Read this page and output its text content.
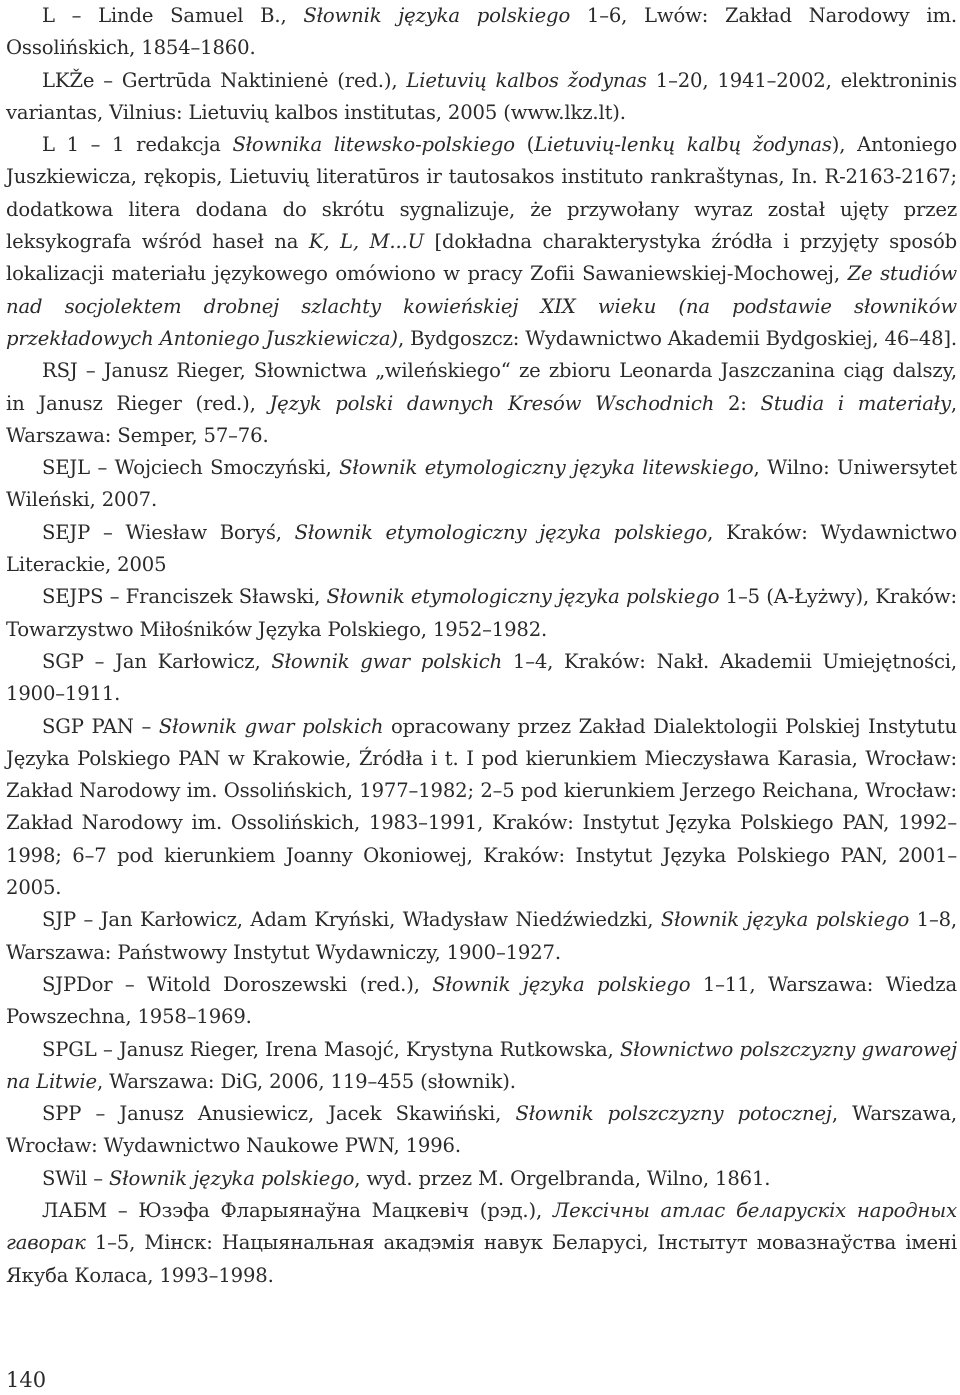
L – Linde Samuel B., Słownik języka polskiego 1–6, Lwów: Zakład Narodowy im. Ossolińskich, 1854–1860.

LKŽe – Gertrūda Naktinienė (red.), Lietuvių kalbos žodynas 1–20, 1941–2002, elektroninis variantas, Vilnius: Lietuvių kalbos institutas, 2005 (www.lkz.lt).

L 1 – 1 redakcja Słownika litewsko-polskiego (Lietuvių-lenkų kalbų žodynas), Antoniego Juszkiewicza, rękopis, Lietuvių literatūros ir tautosakos instituto rankraštynas, In. R-2163-2167; dodatkowa litera dodana do skrótu sygnalizuje, że przywołany wyraz został ujęty przez leksykografa wśród haseł na K, L, M...U [dokładna charakterystyka źródła i przyjęty sposób lokalizacji materiału językowego omówiono w pracy Zofii Sawaniewskiej-Mochowej, Ze studiów nad socjolektem drobnej szlachty kowieńskiej XIX wieku (na podstawie słowników przekładowych Antoniego Juszkiewicza), Bydgoszcz: Wydawnictwo Akademii Bydgoskiej, 46–48].

RSJ – Janusz Rieger, Słownictwa „wileńskiego“ ze zbioru Leonarda Jaszczanina ciąg dalszy, in Janusz Rieger (red.), Język polski dawnych Kresów Wschodnich 2: Studia i materiały, Warszawa: Semper, 57–76.

SEJL – Wojciech Smoczyński, Słownik etymologiczny języka litewskiego, Wilno: Uniwersytet Wileński, 2007.

SEJP – Wiesław Boryś, Słownik etymologiczny języka polskiego, Kraków: Wydawnictwo Literackie, 2005

SEJPS – Franciszek Sławski, Słownik etymologiczny języka polskiego 1–5 (A-Łyżwy), Kraków: Towarzystwo Miłośników Języka Polskiego, 1952–1982.

SGP – Jan Karłowicz, Słownik gwar polskich 1–4, Kraków: Nakł. Akademii Umiejętności, 1900–1911.

SGP PAN – Słownik gwar polskich opracowany przez Zakład Dialektologii Polskiej Instytutu Języka Polskiego PAN w Krakowie, Źródła i t. I pod kierunkiem Mieczysława Karasia, Wrocław: Zakład Narodowy im. Ossolińskich, 1977–1982; 2–5 pod kierunkiem Jerzego Reichana, Wrocław: Zakład Narodowy im. Ossolińskich, 1983–1991, Kraków: Instytut Języka Polskiego PAN, 1992–1998; 6–7 pod kierunkiem Joanny Okoniowej, Kraków: Instytut Języka Polskiego PAN, 2001–2005.

SJP – Jan Karłowicz, Adam Kryński, Władysław Niedźwiedzki, Słownik języka polskiego 1–8, Warszawa: Państwowy Instytut Wydawniczy, 1900–1927.

SJPDor – Witold Doroszewski (red.), Słownik języka polskiego 1–11, Warszawa: Wiedza Powszechna, 1958–1969.

SPGL – Janusz Rieger, Irena Masojć, Krystyna Rutkowska, Słownictwo polszczyzny gwarowej na Litwie, Warszawa: DiG, 2006, 119–455 (słownik).

SPP – Janusz Anusiewicz, Jacek Skawiński, Słownik polszczyzny potocznej, Warszawa, Wrocław: Wydawnictwo Naukowe PWN, 1996.

SWil – Słownik języka polskiego, wyd. przez M. Orgelbranda, Wilno, 1861.

ЛАБМ – Юзэфа Фларыянаўна Мацкевіч (рэд.), Лексічны атлас беларускіх народных гаворак 1–5, Мінск: Нацыянальная акадэмія навук Беларусі, Інстытут мовазнаўства імені Якуба Коласа, 1993–1998.

140
